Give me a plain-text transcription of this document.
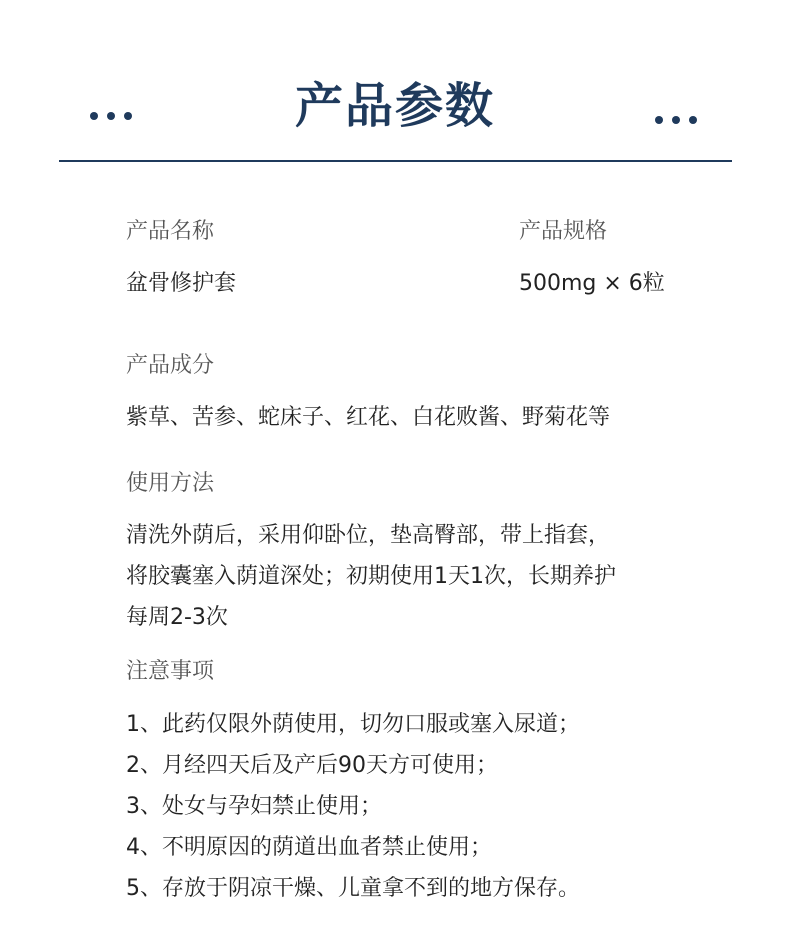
产品参数
产品名称
盆骨修护套
产品规格
500mg × 6粒
产品成分
紫草、苦参、蛇床子、红花、白花败酱、野菊花等
使用方法
清洗外荫后，采用仰卧位，垫高臀部，带上指套，
将胶囊塞入荫道深处；初期使用1天1次，长期养护
每周2-3次
注意事项
1、此药仅限外荫使用，切勿口服或塞入尿道；
2、月经四天后及产后90天方可使用；
3、处女与孕妇禁止使用；
4、不明原因的荫道出血者禁止使用；
5、存放于阴凉干燥、儿童拿不到的地方保存。
